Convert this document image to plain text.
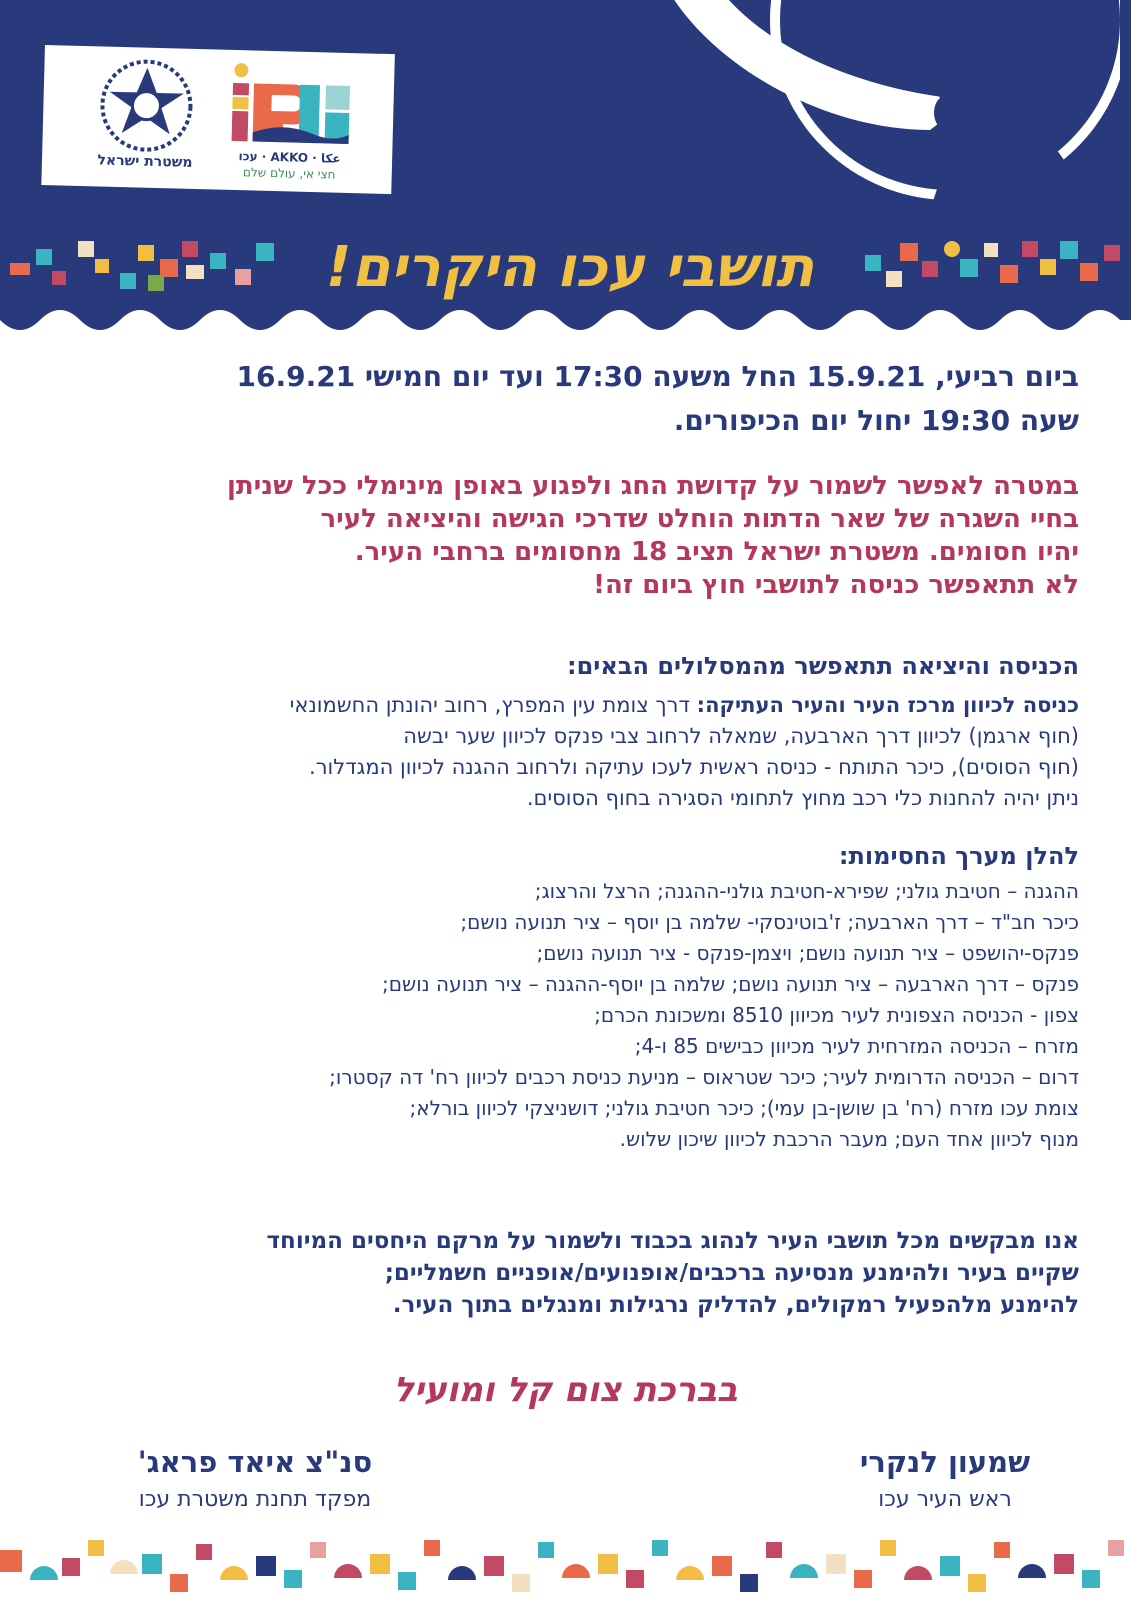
משטרת ישראל	עכו · AKKO · عكا
חצי אי, עולם שלם
תושבי עכו היקרים!
ביום רביעי, 15.9.21 החל משעה 17:30 ועד יום חמישי 16.9.21
שעה 19:30 יחול יום הכיפורים.
במטרה לאפשר לשמור על קדושת החג ולפגוע באופן מינימלי ככל שניתן
בחיי השגרה של שאר הדתות הוחלט שדרכי הגישה והיציאה לעיר
יהיו חסומים. משטרת ישראל תציב 18 מחסומים ברחבי העיר.
לא תתאפשר כניסה לתושבי חוץ ביום זה!
הכניסה והיציאה תתאפשר מהמסלולים הבאים:
כניסה לכיוון מרכז העיר והעיר העתיקה: דרך צומת עין המפרץ, רחוב יהונתן החשמונאי
(חוף ארגמן) לכיוון דרך הארבעה, שמאלה לרחוב צבי פנקס לכיוון שער יבשה
(חוף הסוסים), כיכר התותח - כניסה ראשית לעכו עתיקה ולרחוב ההגנה לכיוון המגדלור.
ניתן יהיה להחנות כלי רכב מחוץ לתחומי הסגירה בחוף הסוסים.
להלן מערך החסימות:
ההגנה – חטיבת גולני; שפירא-חטיבת גולני-ההגנה; הרצל והרצוג;
כיכר חב"ד – דרך הארבעה; ז'בוטינסקי- שלמה בן יוסף – ציר תנועה נושם;
פנקס-יהושפט – ציר תנועה נושם; ויצמן-פנקס - ציר תנועה נושם;
פנקס – דרך הארבעה – ציר תנועה נושם; שלמה בן יוסף-ההגנה – ציר תנועה נושם;
צפון - הכניסה הצפונית לעיר מכיוון 8510 ומשכונת הכרם;
מזרח – הכניסה המזרחית לעיר מכיוון כבישים 85 ו-4;
דרום – הכניסה הדרומית לעיר; כיכר שטראוס – מניעת כניסת רכבים לכיוון רח' דה קסטרו;
צומת עכו מזרח (רח' בן שושן-בן עמי); כיכר חטיבת גולני; דושניצקי לכיוון בורלא;
מנוף לכיוון אחד העם; מעבר הרכבת לכיוון שיכון שלוש.
אנו מבקשים מכל תושבי העיר לנהוג בכבוד ולשמור על מרקם היחסים המיוחד
שקיים בעיר ולהימנע מנסיעה ברכבים/אופנועים/אופניים חשמליים;
להימנע מלהפעיל רמקולים, להדליק נרגילות ומנגלים בתוך העיר.
בברכת צום קל ומועיל
שמעון לנקרי
ראש העיר עכו
סנ"צ איאד פראג'
מפקד תחנת משטרת עכו
